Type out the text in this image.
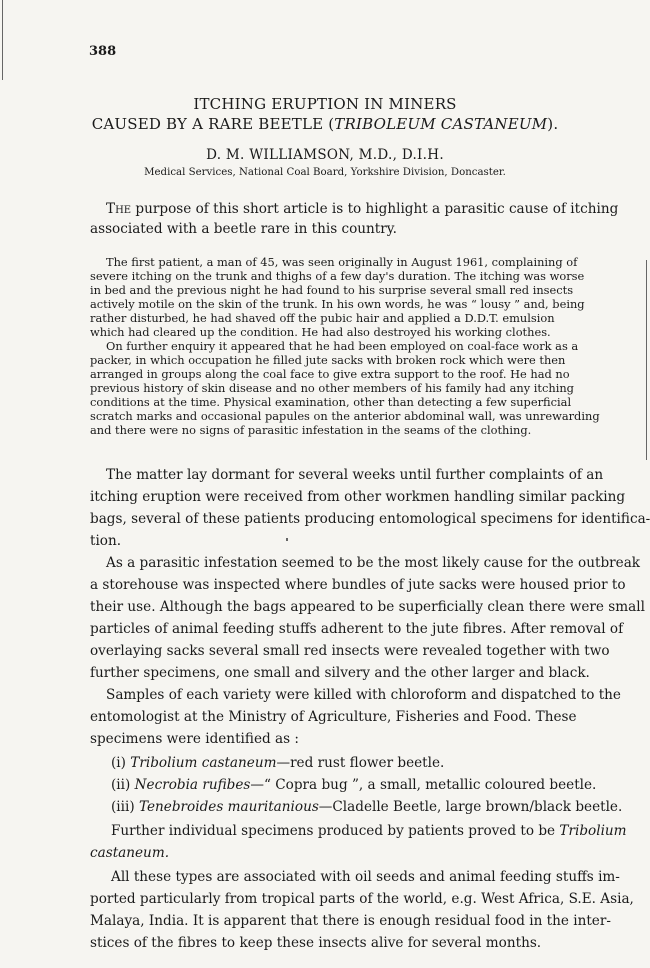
388
ITCHING ERUPTION IN MINERS
CAUSED BY A RARE BEETLE (TRIBOLEUM CASTANEUM).
D. M. WILLIAMSON, M.D., D.I.H.
Medical Services, National Coal Board, Yorkshire Division, Doncaster.
The purpose of this short article is to highlight a parasitic cause of itching
associated with a beetle rare in this country.
The first patient, a man of 45, was seen originally in August 1961, complaining of
severe itching on the trunk and thighs of a few day's duration. The itching was worse
in bed and the previous night he had found to his surprise several small red insects
actively motile on the skin of the trunk. In his own words, he was “ lousy ” and, being
rather disturbed, he had shaved off the pubic hair and applied a D.D.T. emulsion
which had cleared up the condition. He had also destroyed his working clothes.
On further enquiry it appeared that he had been employed on coal-face work as a
packer, in which occupation he filled jute sacks with broken rock which were then
arranged in groups along the coal face to give extra support to the roof. He had no
previous history of skin disease and no other members of his family had any itching
conditions at the time. Physical examination, other than detecting a few superficial
scratch marks and occasional papules on the anterior abdominal wall, was unrewarding
and there were no signs of parasitic infestation in the seams of the clothing.
The matter lay dormant for several weeks until further complaints of an
itching eruption were received from other workmen handling similar packing
bags, several of these patients producing entomological specimens for identifica-
tion.
As a parasitic infestation seemed to be the most likely cause for the outbreak
a storehouse was inspected where bundles of jute sacks were housed prior to
their use. Although the bags appeared to be superficially clean there were small
particles of animal feeding stuffs adherent to the jute fibres. After removal of
overlaying sacks several small red insects were revealed together with two
further specimens, one small and silvery and the other larger and black.
Samples of each variety were killed with chloroform and dispatched to the
entomologist at the Ministry of Agriculture, Fisheries and Food. These
specimens were identified as :
(i) Tribolium castaneum—red rust flower beetle.
(ii) Necrobia rufibes—“ Copra bug ”, a small, metallic coloured beetle.
(iii) Tenebroides mauritanious—Cladelle Beetle, large brown/black beetle.
Further individual specimens produced by patients proved to be Tribolium
castaneum.
All these types are associated with oil seeds and animal feeding stuffs im-
ported particularly from tropical parts of the world, e.g. West Africa, S.E. Asia,
Malaya, India. It is apparent that there is enough residual food in the inter-
stices of the fibres to keep these insects alive for several months.
